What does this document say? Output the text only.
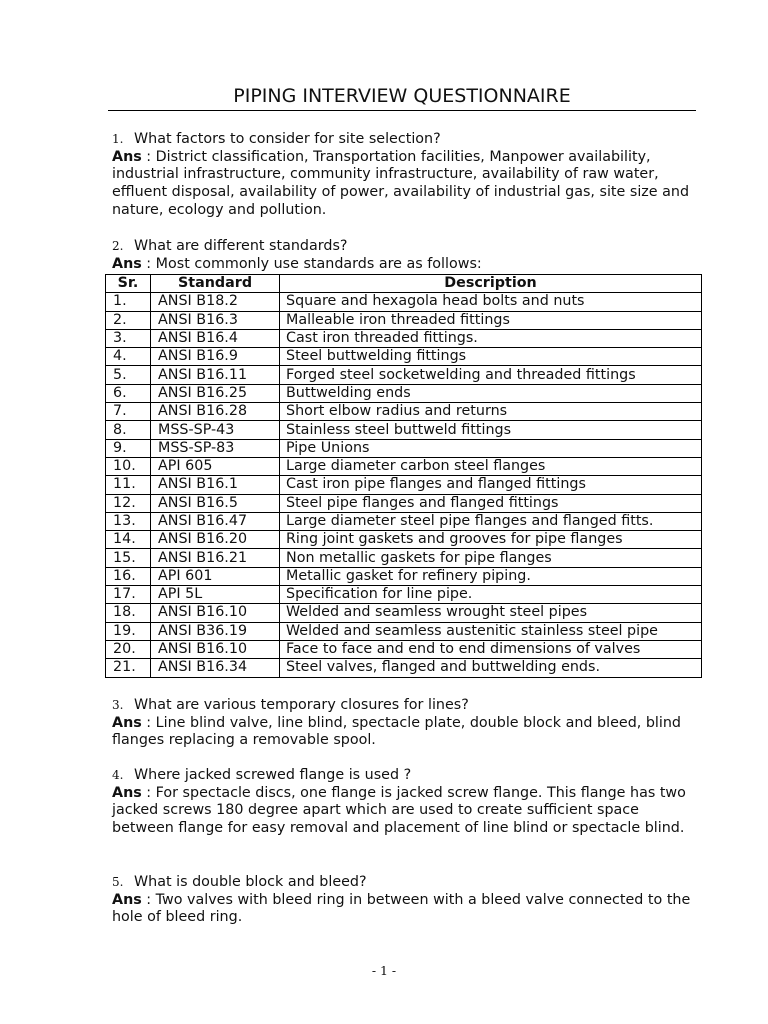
PIPING INTERVIEW QUESTIONNAIRE
1. What factors to consider for site selection?
Ans : District classification, Transportation facilities, Manpower availability, industrial infrastructure, community infrastructure, availability of raw water, effluent disposal, availability of power, availability of industrial gas, site size and nature, ecology and pollution.
2. What are different standards?
Ans : Most commonly use standards are as follows:
Sr.	Standard	Description
1.	ANSI B18.2	Square and hexagola head bolts and nuts
2.	ANSI B16.3	Malleable iron threaded fittings
3.	ANSI B16.4	Cast iron threaded fittings.
4.	ANSI B16.9	Steel buttwelding fittings
5.	ANSI B16.11	Forged steel socketwelding and threaded fittings
6.	ANSI B16.25	Buttwelding ends
7.	ANSI B16.28	Short elbow radius and returns
8.	MSS-SP-43	Stainless steel buttweld fittings
9.	MSS-SP-83	Pipe Unions
10.	API 605	Large diameter carbon steel flanges
11.	ANSI B16.1	Cast iron pipe flanges and flanged fittings
12.	ANSI B16.5	Steel pipe flanges and flanged fittings
13.	ANSI B16.47	Large diameter steel pipe flanges and flanged fitts.
14.	ANSI B16.20	Ring joint gaskets and grooves for pipe flanges
15.	ANSI B16.21	Non metallic gaskets for pipe flanges
16.	API 601	Metallic gasket for refinery piping.
17.	API 5L	Specification for line pipe.
18.	ANSI B16.10	Welded and seamless wrought steel pipes
19.	ANSI B36.19	Welded and seamless austenitic stainless steel pipe
20.	ANSI B16.10	Face to face and end to end dimensions of valves
21.	ANSI B16.34	Steel valves, flanged and buttwelding ends.
3. What are various temporary closures for lines?
Ans : Line blind valve, line blind, spectacle plate, double block and bleed, blind flanges replacing a removable spool.
4. Where jacked screwed flange is used ?
Ans : For spectacle discs, one flange is jacked screw flange. This flange has two jacked screws 180 degree apart which are used to create sufficient space between flange for easy removal and placement of line blind or spectacle blind.
5. What is double block and bleed?
Ans : Two valves with bleed ring in between with a bleed valve connected to the hole of bleed ring.
- 1 -
